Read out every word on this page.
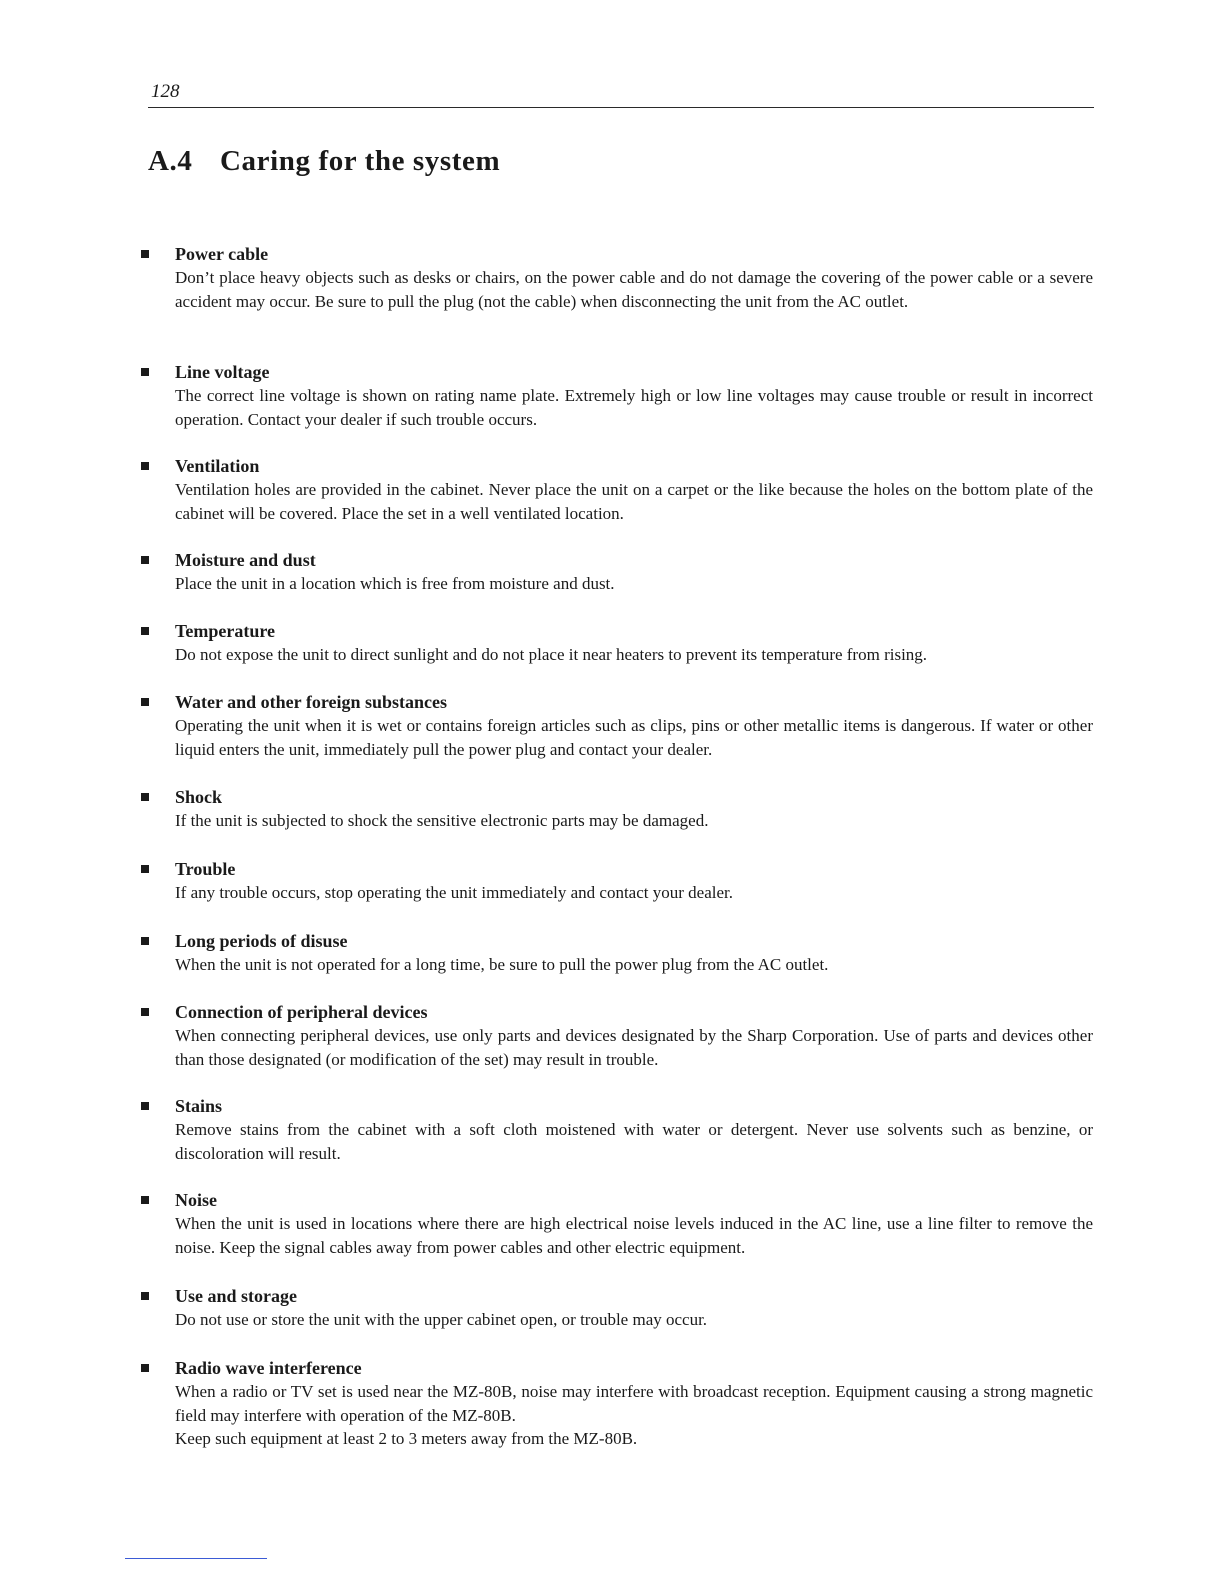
128
A.4 Caring for the system

Power cable

Don’t place heavy objects such as desks or chairs, on the power cable and do not damage the covering of the power cable or a severe accident may occur. Be sure to pull the plug (not the cable) when disconnecting the unit from the AC outlet.

Line voltage

The correct line voltage is shown on rating name plate. Extremely high or low line voltages may cause trouble or result in incorrect operation. Contact your dealer if such trouble occurs.

Ventilation

Ventilation holes are provided in the cabinet. Never place the unit on a carpet or the like because the holes on the bottom plate of the cabinet will be covered. Place the set in a well ventilated location.

Moisture and dust

Place the unit in a location which is free from moisture and dust.

Temperature

Do not expose the unit to direct sunlight and do not place it near heaters to prevent its temperature from rising.

Water and other foreign substances

Operating the unit when it is wet or contains foreign articles such as clips, pins or other metallic items is dangerous. If water or other liquid enters the unit, immediately pull the power plug and contact your dealer.

Shock

If the unit is subjected to shock the sensitive electronic parts may be damaged.

Trouble

If any trouble occurs, stop operating the unit immediately and contact your dealer.

Long periods of disuse

When the unit is not operated for a long time, be sure to pull the power plug from the AC outlet.

Connection of peripheral devices

When connecting peripheral devices, use only parts and devices designated by the Sharp Corporation. Use of parts and devices other than those designated (or modification of the set) may result in trouble.

Stains

Remove stains from the cabinet with a soft cloth moistened with water or detergent. Never use solvents such as benzine, or discoloration will result.

Noise

When the unit is used in locations where there are high electrical noise levels induced in the AC line, use a line filter to remove the noise. Keep the signal cables away from power cables and other electric equipment.

Use and storage

Do not use or store the unit with the upper cabinet open, or trouble may occur.

Radio wave interference

When a radio or TV set is used near the MZ-80B, noise may interfere with broadcast reception. Equipment causing a strong magnetic field may interfere with operation of the MZ-80B.

Keep such equipment at least 2 to 3 meters away from the MZ-80B.
